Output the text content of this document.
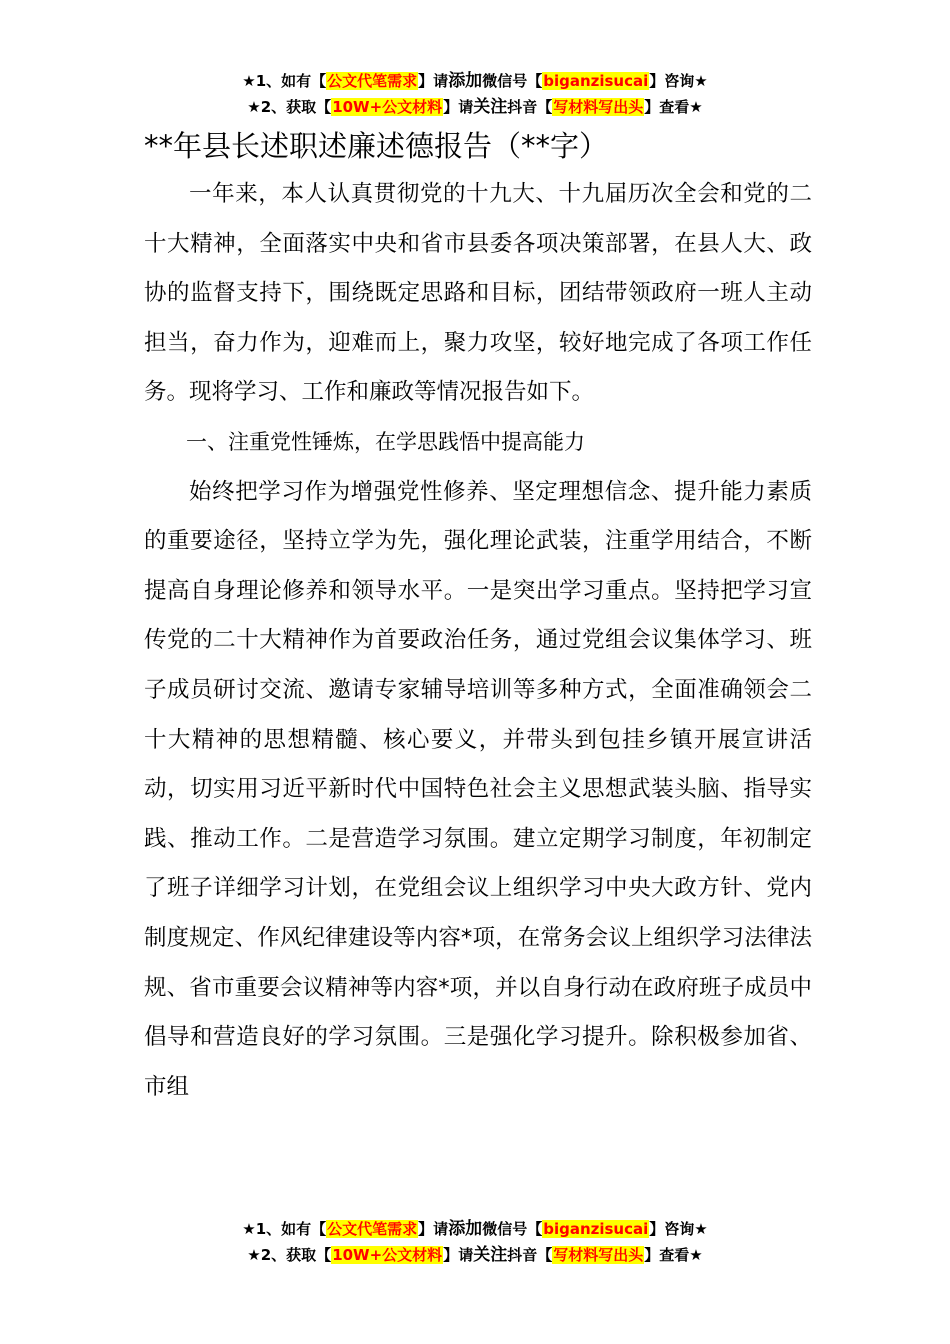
★1、如有【公文代笔需求】请添加微信号【biganzisucai】咨询★
★2、获取【10W+公文材料】请关注抖音【写材料写出头】查看★
**年县长述职述廉述德报告（**字）

一年来，本人认真贯彻党的十九大、十九届历次全会和党的二十大精神，全面落实中央和省市县委各项决策部署，在县人大、政协的监督支持下，围绕既定思路和目标，团结带领政府一班人主动担当，奋力作为，迎难而上，聚力攻坚，较好地完成了各项工作任务。现将学习、工作和廉政等情况报告如下。

一、注重党性锤炼，在学思践悟中提高能力

始终把学习作为增强党性修养、坚定理想信念、提升能力素质的重要途径，坚持立学为先，强化理论武装，注重学用结合，不断提高自身理论修养和领导水平。一是突出学习重点。坚持把学习宣传党的二十大精神作为首要政治任务，通过党组会议集体学习、班子成员研讨交流、邀请专家辅导培训等多种方式，全面准确领会二十大精神的思想精髓、核心要义，并带头到包挂乡镇开展宣讲活动，切实用习近平新时代中国特色社会主义思想武装头脑、指导实践、推动工作。二是营造学习氛围。建立定期学习制度，年初制定了班子详细学习计划，在党组会议上组织学习中央大政方针、党内制度规定、作风纪律建设等内容*项，在常务会议上组织学习法律法规、省市重要会议精神等内容*项，并以自身行动在政府班子成员中倡导和营造良好的学习氛围。三是强化学习提升。除积极参加省、市组

★1、如有【公文代笔需求】请添加微信号【biganzisucai】咨询★
★2、获取【10W+公文材料】请关注抖音【写材料写出头】查看★
